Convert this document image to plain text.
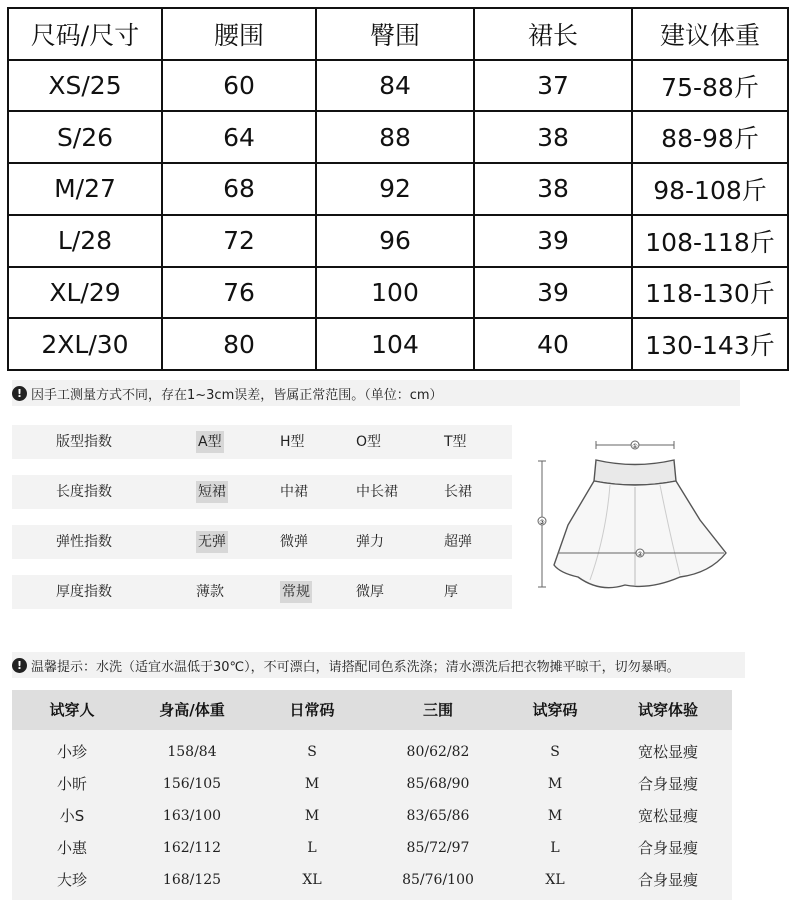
尺码/尺寸	腰围	臀围	裙长	建议体重
XS/25	60	84	37	75-88斤
S/26	64	88	38	88-98斤
M/27	68	92	38	98-108斤
L/28	72	96	39	108-118斤
XL/29	76	100	39	118-130斤
2XL/30	80	104	40	130-143斤
! 因手工测量方式不同，存在1~3cm误差，皆属正常范围。（单位：cm）
版型指数	A型	H型	O型	T型
长度指数	短裙	中裙	中长裙	长裙
弹性指数	无弹	微弹	弹力	超弹
厚度指数	薄款	常规	微厚	厚
①
②
③
! 温馨提示：水洗（适宜水温低于30℃），不可漂白，请搭配同色系洗涤；清水漂洗后把衣物摊平晾干，切勿暴晒。
试穿人	身高/体重	日常码	三围	试穿码	试穿体验
小珍	158/84	S	80/62/82	S	宽松显瘦
小昕	156/105	M	85/68/90	M	合身显瘦
小S	163/100	M	83/65/86	M	宽松显瘦
小惠	162/112	L	85/72/97	L	合身显瘦
大珍	168/125	XL	85/76/100	XL	合身显瘦
